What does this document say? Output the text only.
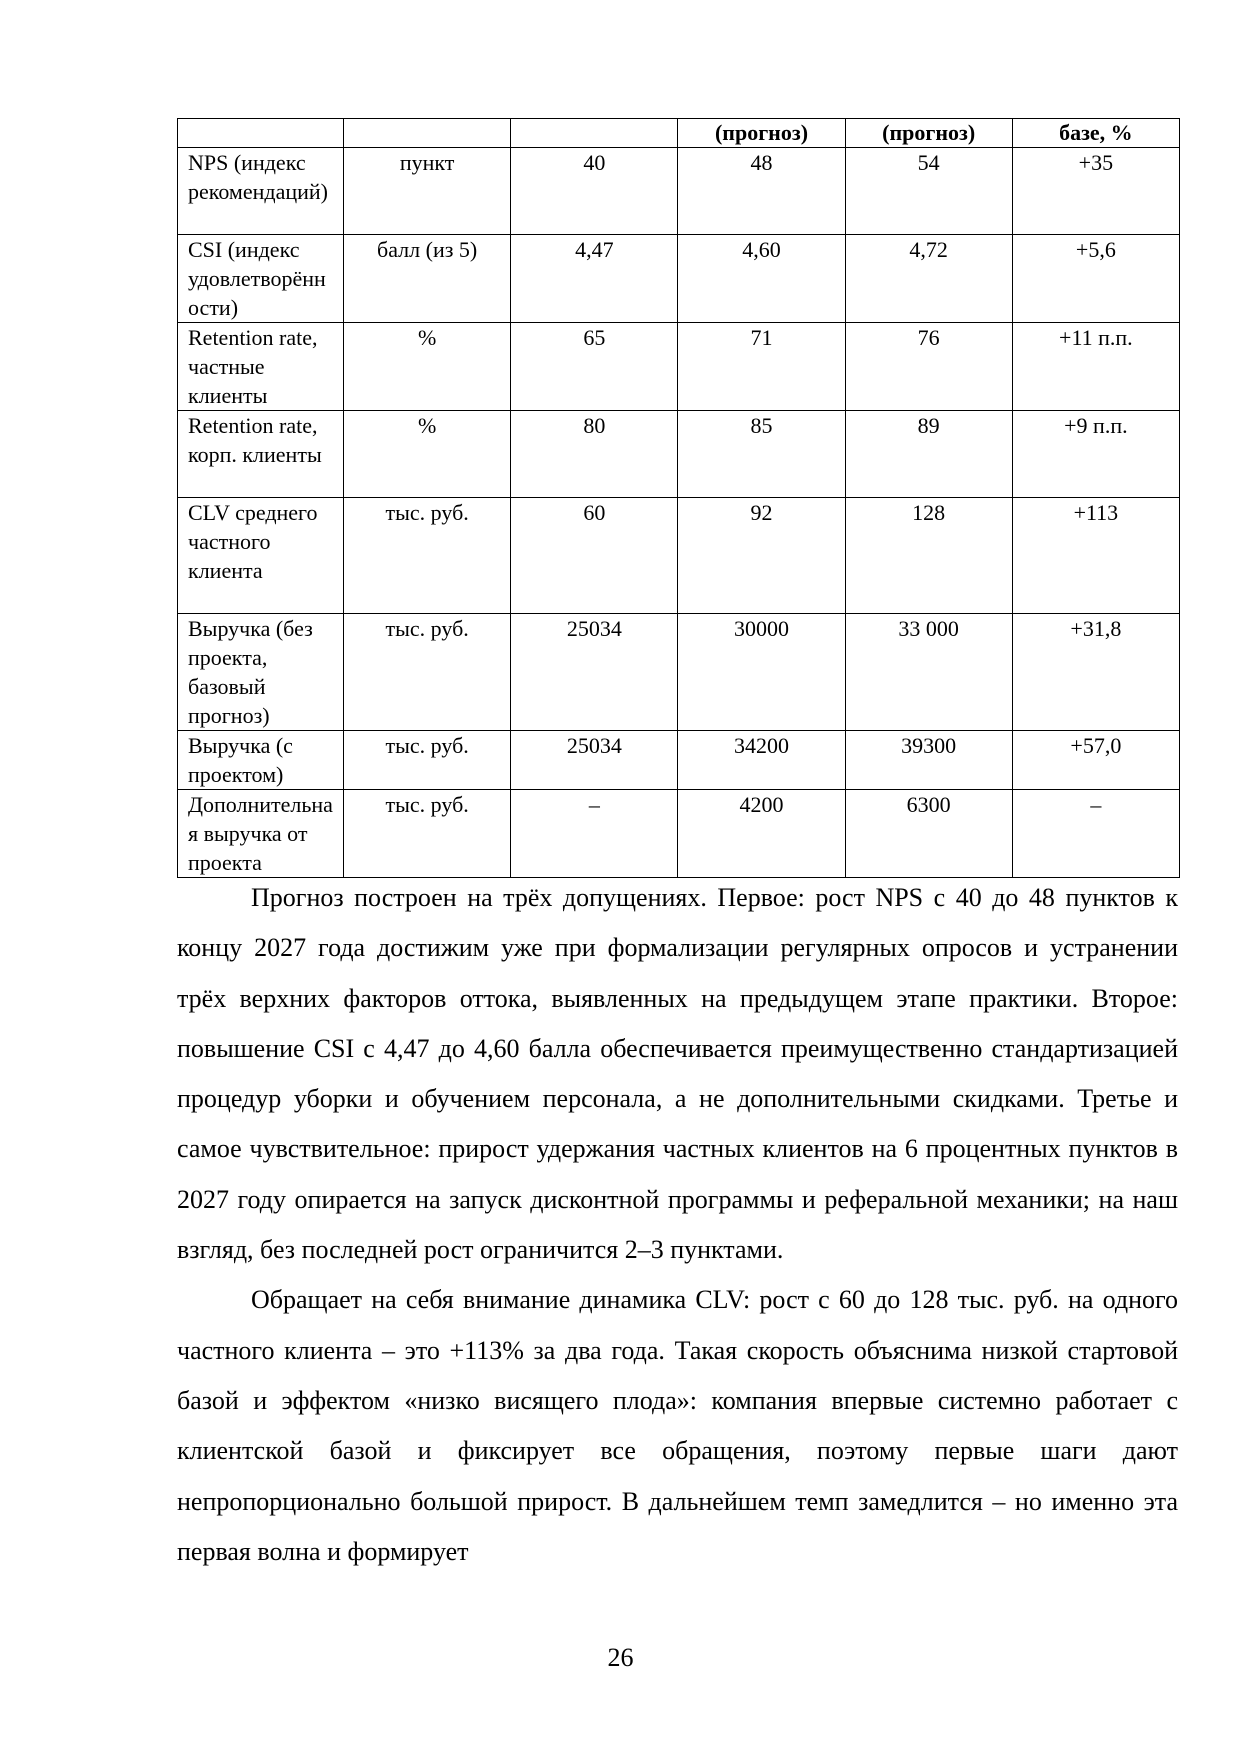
			(прогноз)	(прогноз)	базе, %
NPS (индекс рекомендаций)	пункт	40	48	54	+35
CSI (индекс удовлетворённости)	балл (из 5)	4,47	4,60	4,72	+5,6
Retention rate, частные клиенты	%	65	71	76	+11 п.п.
Retention rate, корп. клиенты	%	80	85	89	+9 п.п.
CLV среднего частного клиента	тыс. руб.	60	92	128	+113
Выручка (без проекта, базовый прогноз)	тыс. руб.	25034	30000	33 000	+31,8
Выручка (с проектом)	тыс. руб.	25034	34200	39300	+57,0
Дополнительная выручка от проекта	тыс. руб.	–	4200	6300	–

Прогноз построен на трёх допущениях. Первое: рост NPS с 40 до 48 пунктов к концу 2027 года достижим уже при формализации регулярных опросов и устранении трёх верхних факторов оттока, выявленных на предыдущем этапе практики. Второе: повышение CSI с 4,47 до 4,60 балла обеспечивается преимущественно стандартизацией процедур уборки и обучением персонала, а не дополнительными скидками. Третье и самое чувствительное: прирост удержания частных клиентов на 6 процентных пунктов в 2027 году опирается на запуск дисконтной программы и реферальной механики; на наш взгляд, без последней рост ограничится 2–3 пунктами.

Обращает на себя внимание динамика CLV: рост с 60 до 128 тыс. руб. на одного частного клиента – это +113% за два года. Такая скорость объяснима низкой стартовой базой и эффектом «низко висящего плода»: компания впервые системно работает с клиентской базой и фиксирует все обращения, поэтому первые шаги дают непропорционально большой прирост. В дальнейшем темп замедлится – но именно эта первая волна и формирует

26
